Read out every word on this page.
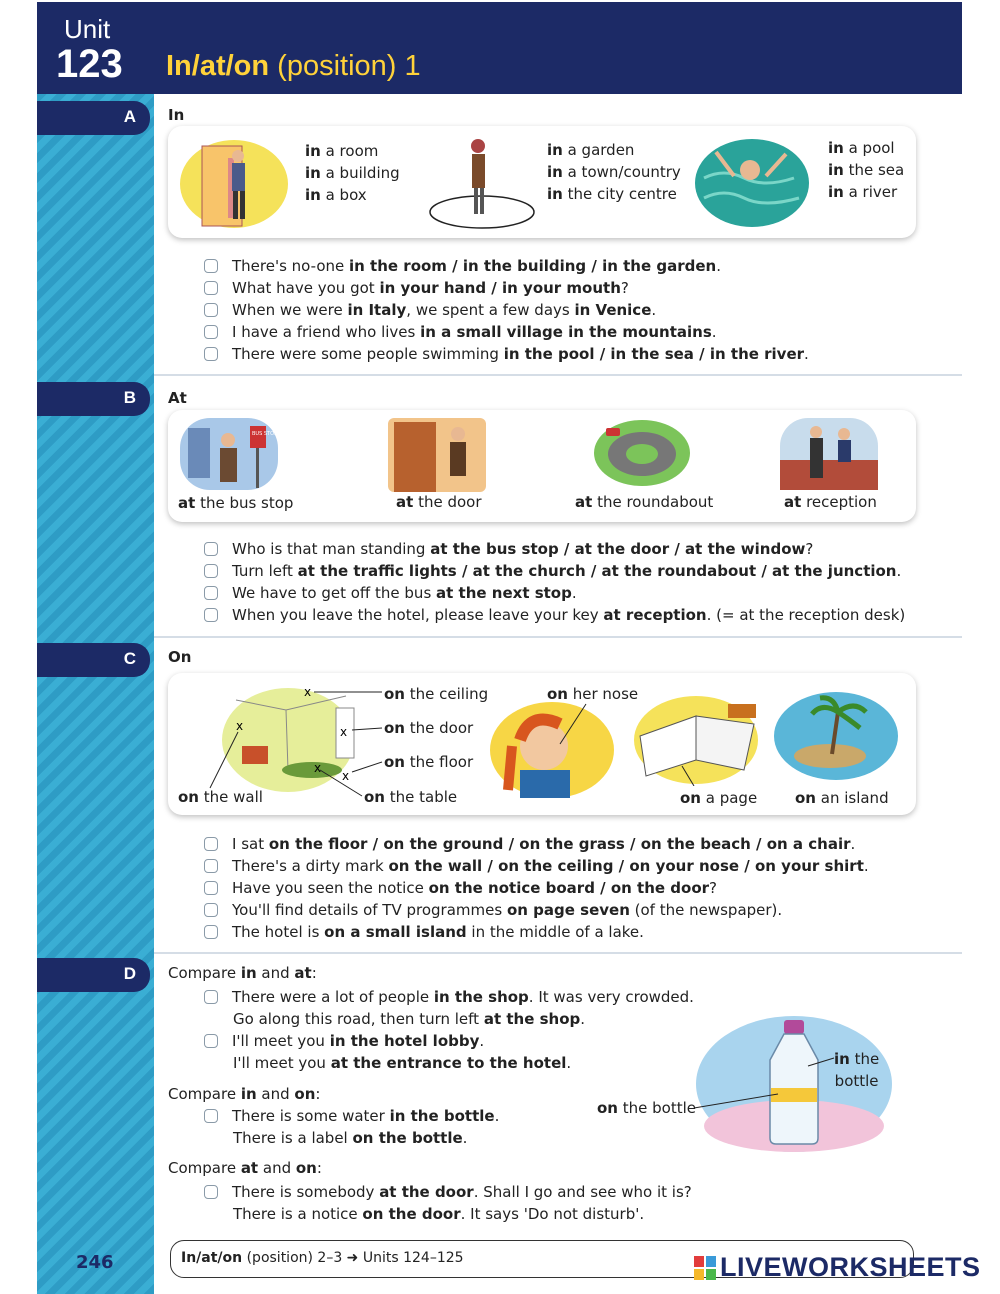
Unit
123 In/at/on (position) 1
A
B
C
D
In
in a room
in a building
in a box
in a garden
in a town/country
in the city centre
in a pool
in the sea
in a river
There's no-one in the room / in the building / in the garden.
What have you got in your hand / in your mouth?
When we were in Italy, we spent a few days in Venice.
I have a friend who lives in a small village in the mountains.
There were some people swimming in the pool / in the sea / in the river.
At
BUS STOP
at the bus stop	at the door	at the roundabout	at reception
Who is that man standing at the bus stop / at the door / at the window?
Turn left at the traffic lights / at the church / at the roundabout / at the junction.
We have to get off the bus at the next stop.
When you leave the hotel, please leave your key at reception. (= at the reception desk)
On
x
x	x
x
x
on the ceiling
on the door
on the floor
on the wall	on the table
on her nose
on a page	on an island
I sat on the floor / on the ground / on the grass / on the beach / on a chair.
There's a dirty mark on the wall / on the ceiling / on your nose / on your shirt.
Have you seen the notice on the notice board / on the door?
You'll find details of TV programmes on page seven (of the newspaper).
The hotel is on a small island in the middle of a lake.
Compare in and at:
There were a lot of people in the shop. It was very crowded.
Go along this road, then turn left at the shop.
I'll meet you in the hotel lobby.
I'll meet you at the entrance to the hotel.
Compare in and on:
There is some water in the bottle.
There is a label on the bottle.
Compare at and on:
There is somebody at the door. Shall I go and see who it is?
There is a notice on the door. It says 'Do not disturb'.
in the
bottle
on the bottle
246	In/at/on (position) 2–3 ➜ Units 124–125	LIVEWORKSHEETS
